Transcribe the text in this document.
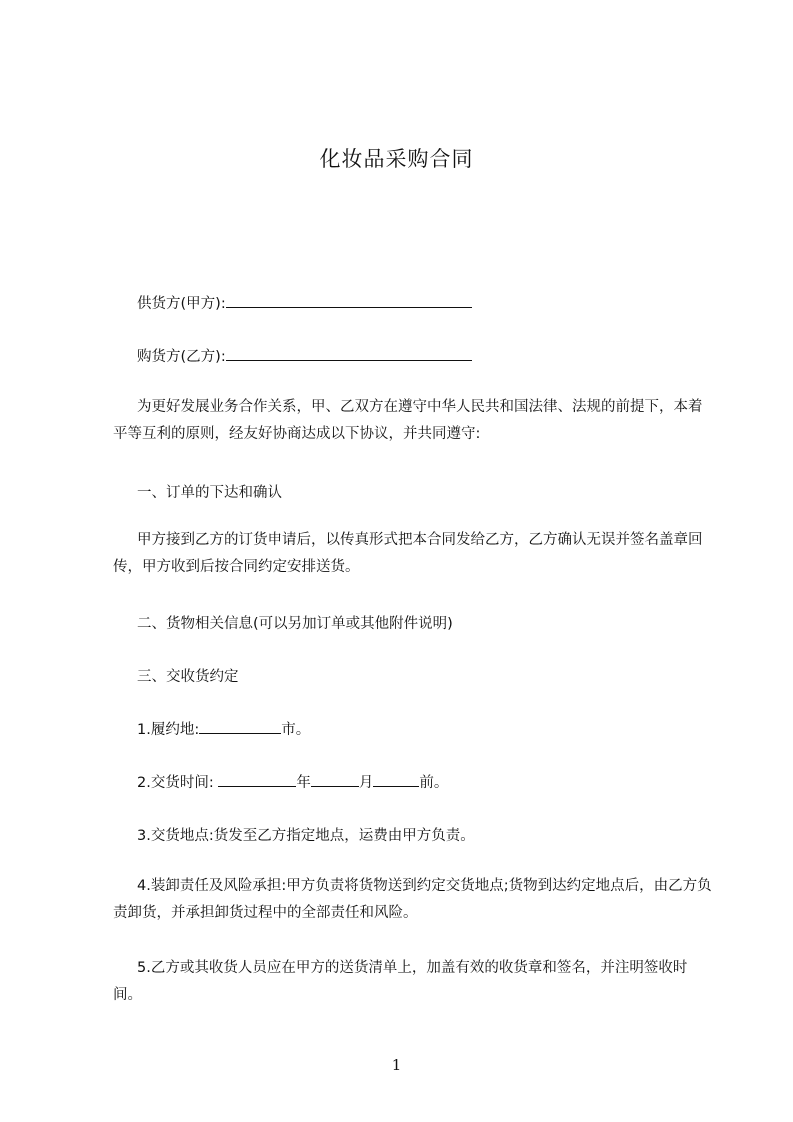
化妆品采购合同
供货方(甲方):
购货方(乙方):
为更好发展业务合作关系，甲、乙双方在遵守中华人民共和国法律、法规的前提下，本着平等互利的原则，经友好协商达成以下协议，并共同遵守:
一、订单的下达和确认
甲方接到乙方的订货申请后，以传真形式把本合同发给乙方，乙方确认无误并签名盖章回传，甲方收到后按合同约定安排送货。
二、货物相关信息(可以另加订单或其他附件说明)
三、交收货约定
1.履约地:	市。
2.交货时间:	年	月	前。
3.交货地点:货发至乙方指定地点，运费由甲方负责。
4.装卸责任及风险承担:甲方负责将货物送到约定交货地点;货物到达约定地点后，由乙方负责卸货，并承担卸货过程中的全部责任和风险。
5.乙方或其收货人员应在甲方的送货清单上，加盖有效的收货章和签名，并注明签收时间。
1
